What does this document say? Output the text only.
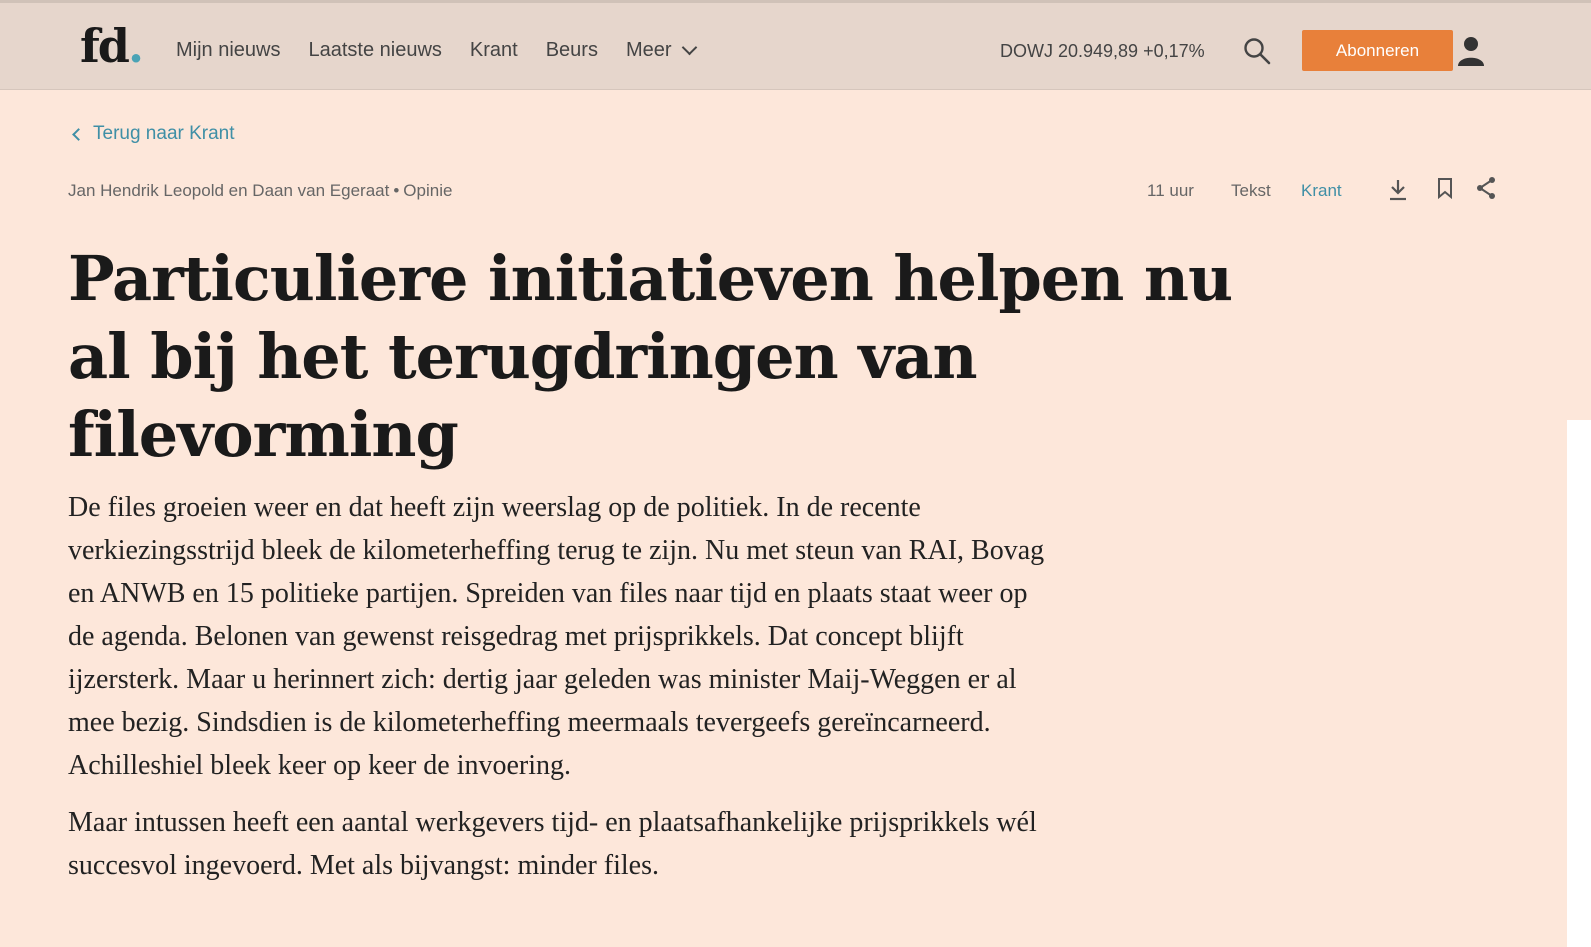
fd. Mijn nieuws Laatste nieuws Krant Beurs Meer	DOWJ 20.949,89 +0,17%	Abonneren
Terug naar Krant
Jan Hendrik Leopold en Daan van Egeraat • Opinie	11 uur Tekst Krant
Particuliere initiatieven helpen nu al bij het terugdringen van filevorming

De files groeien weer en dat heeft zijn weerslag op de politiek. In de recente verkiezingsstrijd bleek de kilometerheffing terug te zijn. Nu met steun van RAI, Bovag en ANWB en 15 politieke partijen. Spreiden van files naar tijd en plaats staat weer op de agenda. Belonen van gewenst reisgedrag met prijsprikkels. Dat concept blijft ijzersterk. Maar u herinnert zich: dertig jaar geleden was minister Maij-Weggen er al mee bezig. Sindsdien is de kilometerheffing meermaals tevergeefs gereïncarneerd. Achilleshiel bleek keer op keer de invoering.

Maar intussen heeft een aantal werkgevers tijd- en plaatsafhankelijke prijsprikkels wél succesvol ingevoerd. Met als bijvangst: minder files.
